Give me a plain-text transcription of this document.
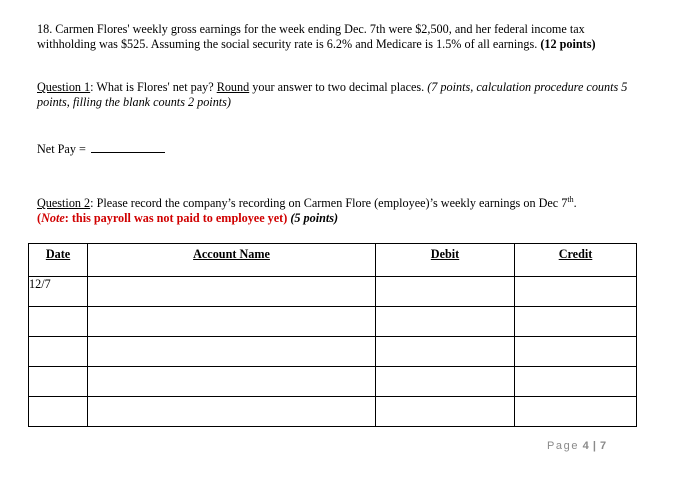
18. Carmen Flores' weekly gross earnings for the week ending Dec. 7th were $2,500, and her federal income tax withholding was $525. Assuming the social security rate is 6.2% and Medicare is 1.5% of all earnings. (12 points)
Question 1: What is Flores' net pay? Round your answer to two decimal places. (7 points, calculation procedure counts 5 points, filling the blank counts 2 points)
Net Pay =
Question 2: Please record the company’s recording on Carmen Flore (employee)’s weekly earnings on Dec 7th.
(Note: this payroll was not paid to employee yet) (5 points)
Date	Account Name	Debit	Credit
12/7			

Page 4 | 7
